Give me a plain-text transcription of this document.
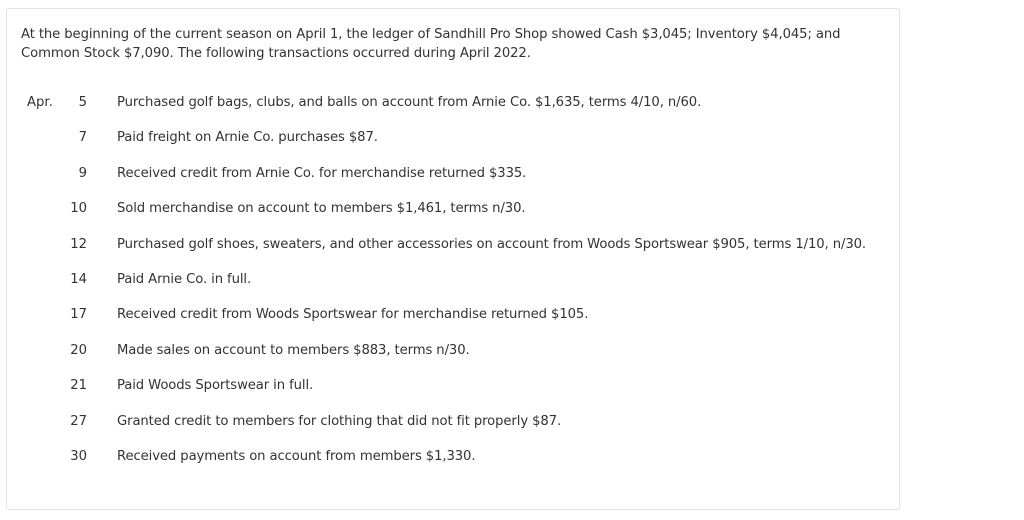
At the beginning of the current season on April 1, the ledger of Sandhill Pro Shop showed Cash $3,045; Inventory $4,045; and
Common Stock $7,090. The following transactions occurred during April 2022.
Apr.	5 Purchased golf bags, clubs, and balls on account from Arnie Co. $1,635, terms 4/10, n/60.
7 Paid freight on Arnie Co. purchases $87.
9 Received credit from Arnie Co. for merchandise returned $335.
10 Sold merchandise on account to members $1,461, terms n/30.
12 Purchased golf shoes, sweaters, and other accessories on account from Woods Sportswear $905, terms 1/10, n/30.
14 Paid Arnie Co. in full.
17 Received credit from Woods Sportswear for merchandise returned $105.
20 Made sales on account to members $883, terms n/30.
21 Paid Woods Sportswear in full.
27 Granted credit to members for clothing that did not fit properly $87.
30 Received payments on account from members $1,330.
